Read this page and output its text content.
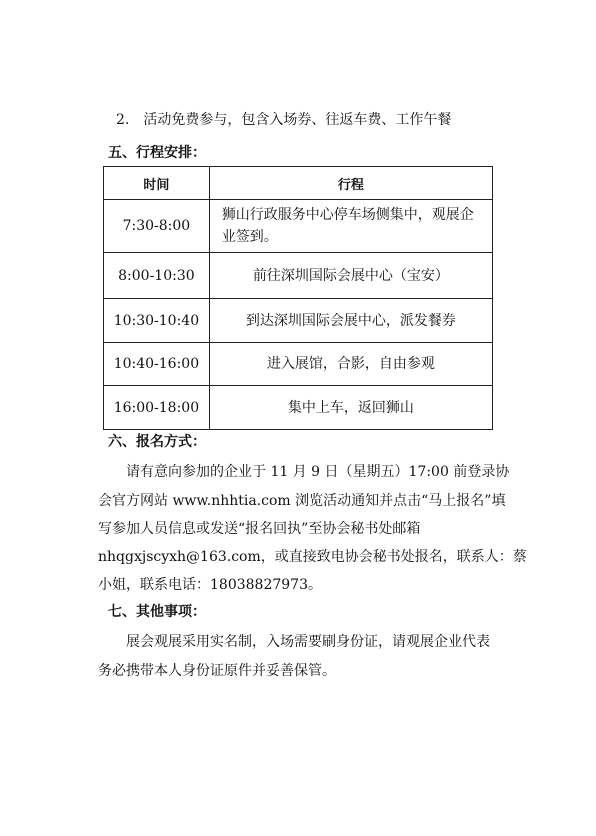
2.　活动免费参与，包含入场券、往返车费、工作午餐
五、行程安排：
时间	行程
7:30-8:00	狮山行政服务中心停车场侧集中，观展企业签到。
8:00-10:30	前往深圳国际会展中心（宝安）
10:30-10:40	到达深圳国际会展中心，派发餐券
10:40-16:00	进入展馆，合影，自由参观
16:00-18:00	集中上车，返回狮山
六、报名方式：
请有意向参加的企业于 11 月 9 日（星期五）17:00 前登录协
会官方网站 www.nhhtia.com 浏览活动通知并点击“马上报名”填
写参加人员信息或发送“报名回执”至协会秘书处邮箱
nhqgxjscyxh@163.com，或直接致电协会秘书处报名，联系人：蔡
小姐，联系电话：18038827973。
七、其他事项：
展会观展采用实名制，入场需要刷身份证，请观展企业代表
务必携带本人身份证原件并妥善保管。
